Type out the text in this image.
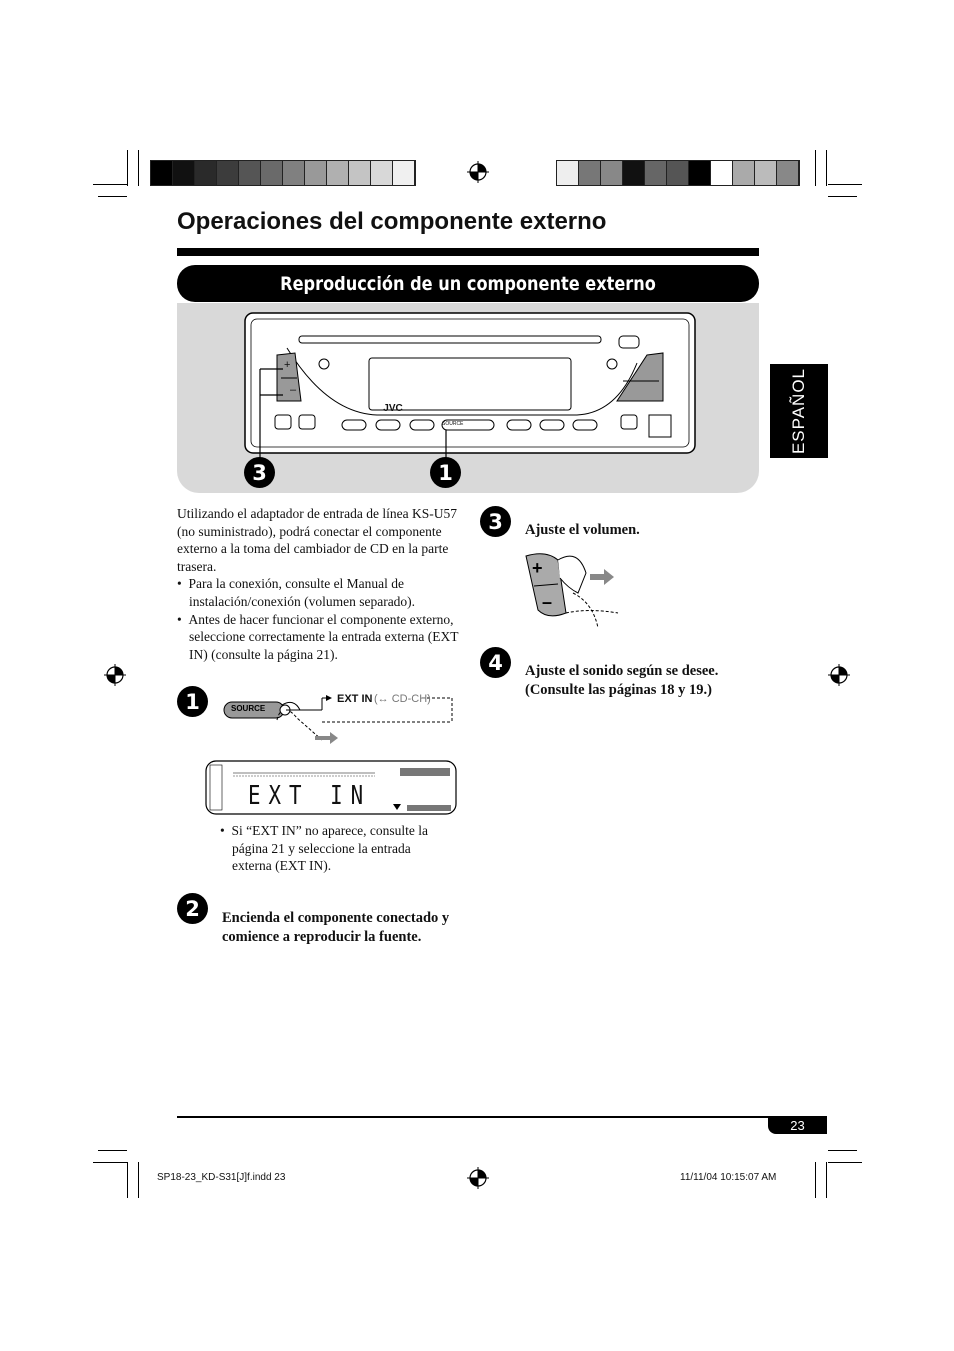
Operaciones del componente externo
Reproducción de un componente externo
ESPAÑOL
JVC
SOURCE
+
–
3	1

Utilizando el adaptador de entrada de línea KS-U57 (no suministrado), podrá conectar el componente externo a la toma del cambiador de CD en la parte trasera.

•  Para la conexión, consulte el Manual de instalación/conexión (volumen separado).

•  Antes de hacer funcionar el componente externo, seleccione correctamente la entrada externa (EXT IN) (consulte la página 21).

1	SOURCE
EXT IN (↔ CD-CH)
EXT IN

•  Si “EXT IN” no aparece, consulte la página 21 y seleccione la entrada externa (EXT IN).

2	Encienda el componente conectado y comience a reproducir la fuente.
3	Ajuste el volumen.
+
–
4	Ajuste el sonido según se desee. (Consulte las páginas 18 y 19.)
23
SP18-23_KD-S31[J]f.indd 23	11/11/04 10:15:07 AM
